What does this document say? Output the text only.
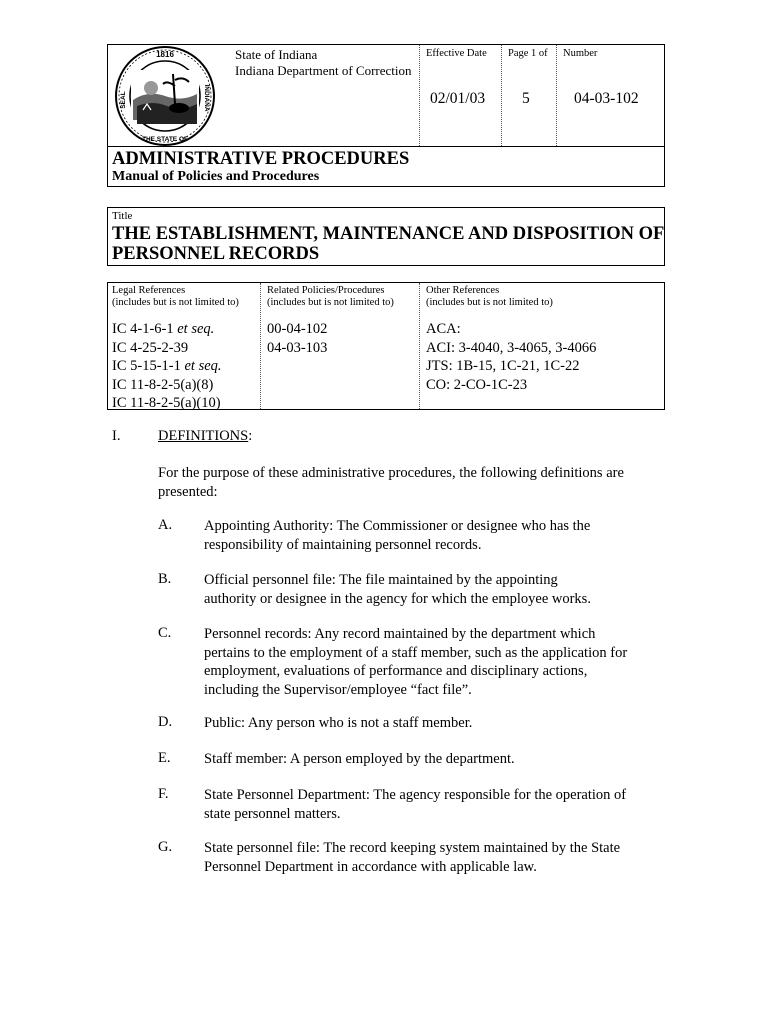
1816
SEAL
THE STATE OF
INDIANA
State of Indiana
Indiana Department of Correction
Effective Date Page 1 of Number
02/01/03 5	04-03-102
ADMINISTRATIVE PROCEDURES
Manual of Policies and Procedures
Title
THE ESTABLISHMENT, MAINTENANCE AND DISPOSITION OF
PERSONNEL RECORDS
Legal References
(includes but is not limited to)
Related Policies/Procedures
(includes but is not limited to)
Other References
(includes but is not limited to)
IC 4-1-6-1 et seq.
IC 4-25-2-39
IC 5-15-1-1 et seq.
IC 11-8-2-5(a)(8)
IC 11-8-2-5(a)(10)
00-04-102
04-03-103
ACA:
ACI: 3-4040, 3-4065, 3-4066
JTS: 1B-15, 1C-21, 1C-22
CO: 2-CO-1C-23
I.	DEFINITIONS:
For the purpose of these administrative procedures, the following definitions are
presented:
A. Appointing Authority: The Commissioner or designee who has the
responsibility of maintaining personnel records.
B. Official personnel file: The file maintained by the appointing
authority or designee in the agency for which the employee works.
C. Personnel records: Any record maintained by the department which
pertains to the employment of a staff member, such as the application for
employment, evaluations of performance and disciplinary actions,
including the Supervisor/employee “fact file”.
D. Public: Any person who is not a staff member.
E. Staff member: A person employed by the department.
F. State Personnel Department: The agency responsible for the operation of
state personnel matters.
G. State personnel file: The record keeping system maintained by the State
Personnel Department in accordance with applicable law.
